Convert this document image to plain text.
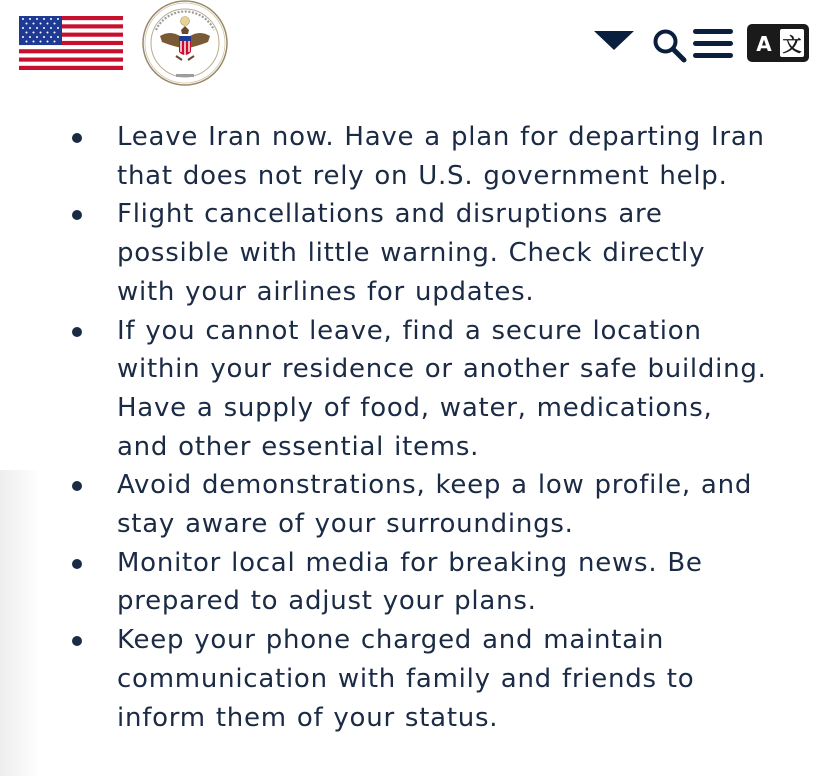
A 文
Leave Iran now. Have a plan for departing Iran that does not rely on U.S. government help.
Flight cancellations and disruptions are possible with little warning. Check directly with your airlines for updates.
If you cannot leave, find a secure location within your residence or another safe building. Have a supply of food, water, medications, and other essential items.
Avoid demonstrations, keep a low profile, and stay aware of your surroundings.
Monitor local media for breaking news. Be prepared to adjust your plans.
Keep your phone charged and maintain communication with family and friends to inform them of your status.
